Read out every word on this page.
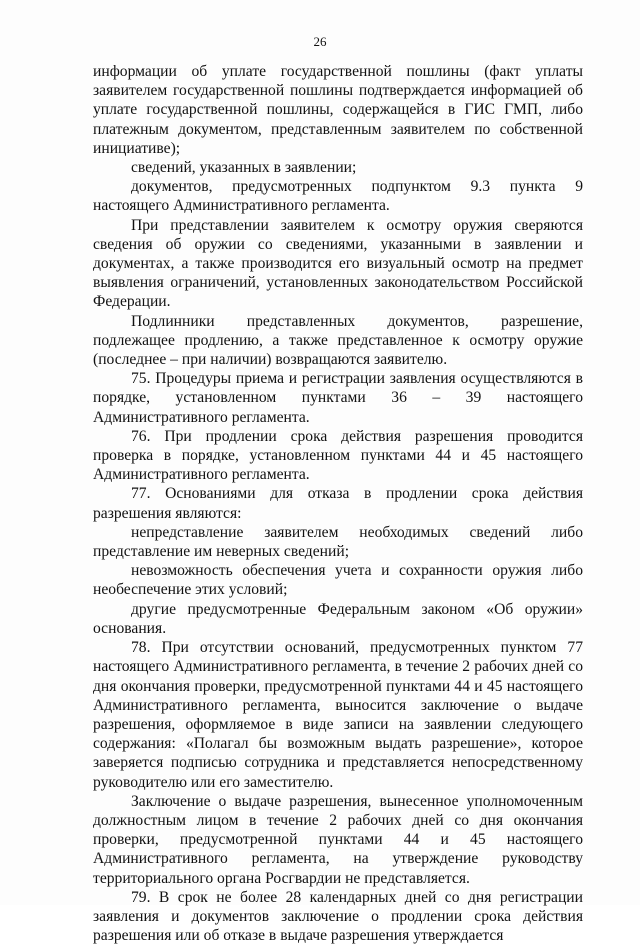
26

информации об уплате государственной пошлины (факт уплаты заявителем государственной пошлины подтверждается информацией об уплате государственной пошлины, содержащейся в ГИС ГМП, либо платежным документом, представленным заявителем по собственной инициативе);

сведений, указанных в заявлении;

документов, предусмотренных подпунктом 9.3 пункта 9 настоящего Административного регламента.

При представлении заявителем к осмотру оружия сверяются сведения об оружии со сведениями, указанными в заявлении и документах, а также производится его визуальный осмотр на предмет выявления ограничений, установленных законодательством Российской Федерации.

Подлинники представленных документов, разрешение, подлежащее продлению, а также представленное к осмотру оружие (последнее – при наличии) возвращаются заявителю.

75. Процедуры приема и регистрации заявления осуществляются в порядке, установленном пунктами 36 – 39 настоящего Административного регламента.

76. При продлении срока действия разрешения проводится проверка в порядке, установленном пунктами 44 и 45 настоящего Административного регламента.

77. Основаниями для отказа в продлении срока действия разрешения являются:

непредставление заявителем необходимых сведений либо представление им неверных сведений;

невозможность обеспечения учета и сохранности оружия либо необеспечение этих условий;

другие предусмотренные Федеральным законом «Об оружии» основания.

78. При отсутствии оснований, предусмотренных пунктом 77 настоящего Административного регламента, в течение 2 рабочих дней со дня окончания проверки, предусмотренной пунктами 44 и 45 настоящего Административного регламента, выносится заключение о выдаче разрешения, оформляемое в виде записи на заявлении следующего содержания: «Полагал бы возможным выдать разрешение», которое заверяется подписью сотрудника и представляется непосредственному руководителю или его заместителю.

Заключение о выдаче разрешения, вынесенное уполномоченным должностным лицом в течение 2 рабочих дней со дня окончания проверки, предусмотренной пунктами 44 и 45 настоящего Административного регламента, на утверждение руководству территориального органа Росгвардии не представляется.

79. В срок не более 28 календарных дней со дня регистрации заявления и документов заключение о продлении срока действия разрешения или об отказе в выдаче разрешения утверждается
